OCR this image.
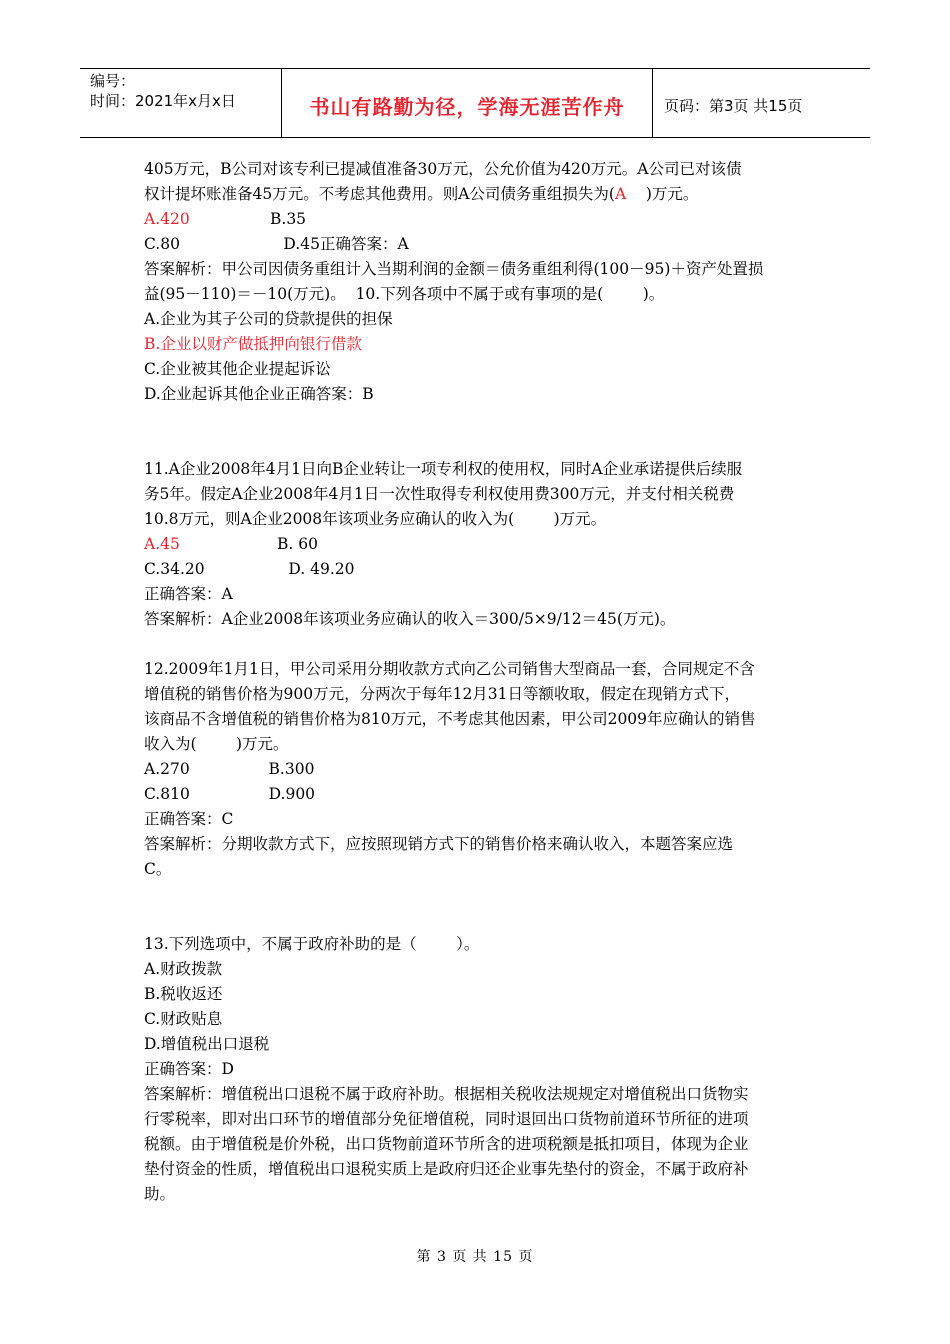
编号：
时间：2021年x月x日	书山有路勤为径，学海无涯苦作舟	页码：第3页 共15页

405万元，B公司对该专利已提减值准备30万元，公允价值为420万元。A公司已对该债

权计提坏账准备45万元。不考虑其他费用。则A公司债务重组损失为(A    )万元。

A.420	B.35

C.80                     D.45正确答案：A

答案解析：甲公司因债务重组计入当期利润的金额＝债务重组利得(100－95)＋资产处置损

益(95－110)＝－10(万元)。  10.下列各项中不属于或有事项的是(        )。

A.企业为其子公司的贷款提供的担保

B.企业以财产做抵押向银行借款

C.企业被其他企业提起诉讼

D.企业起诉其他企业正确答案：B

11.A企业2008年4月1日向B企业转让一项专利权的使用权，同时A企业承诺提供后续服

务5年。假定A企业2008年4月1日一次性取得专利权使用费300万元，并支付相关税费

10.8万元，则A企业2008年该项业务应确认的收入为(        )万元。

A.45	B. 60

C.34.20                 D. 49.20

正确答案：A

答案解析：A企业2008年该项业务应确认的收入＝300/5×9/12＝45(万元)。

12.2009年1月1日，甲公司采用分期收款方式向乙公司销售大型商品一套，合同规定不含

增值税的销售价格为900万元，分两次于每年12月31日等额收取，假定在现销方式下，

该商品不含增值税的销售价格为810万元，不考虑其他因素，甲公司2009年应确认的销售

收入为(        )万元。

A.270                B.300

C.810                D.900

正确答案：C

答案解析：分期收款方式下，应按照现销方式下的销售价格来确认收入，本题答案应选

C。

13.下列选项中，不属于政府补助的是（        ）。

A.财政拨款

B.税收返还

C.财政贴息

D.增值税出口退税

正确答案：D

答案解析：增值税出口退税不属于政府补助。根据相关税收法规规定对增值税出口货物实

行零税率，即对出口环节的增值部分免征增值税，同时退回出口货物前道环节所征的进项

税额。由于增值税是价外税，出口货物前道环节所含的进项税额是抵扣项目，体现为企业

垫付资金的性质，增值税出口退税实质上是政府归还企业事先垫付的资金，不属于政府补

助。

第 3 页 共 15 页
